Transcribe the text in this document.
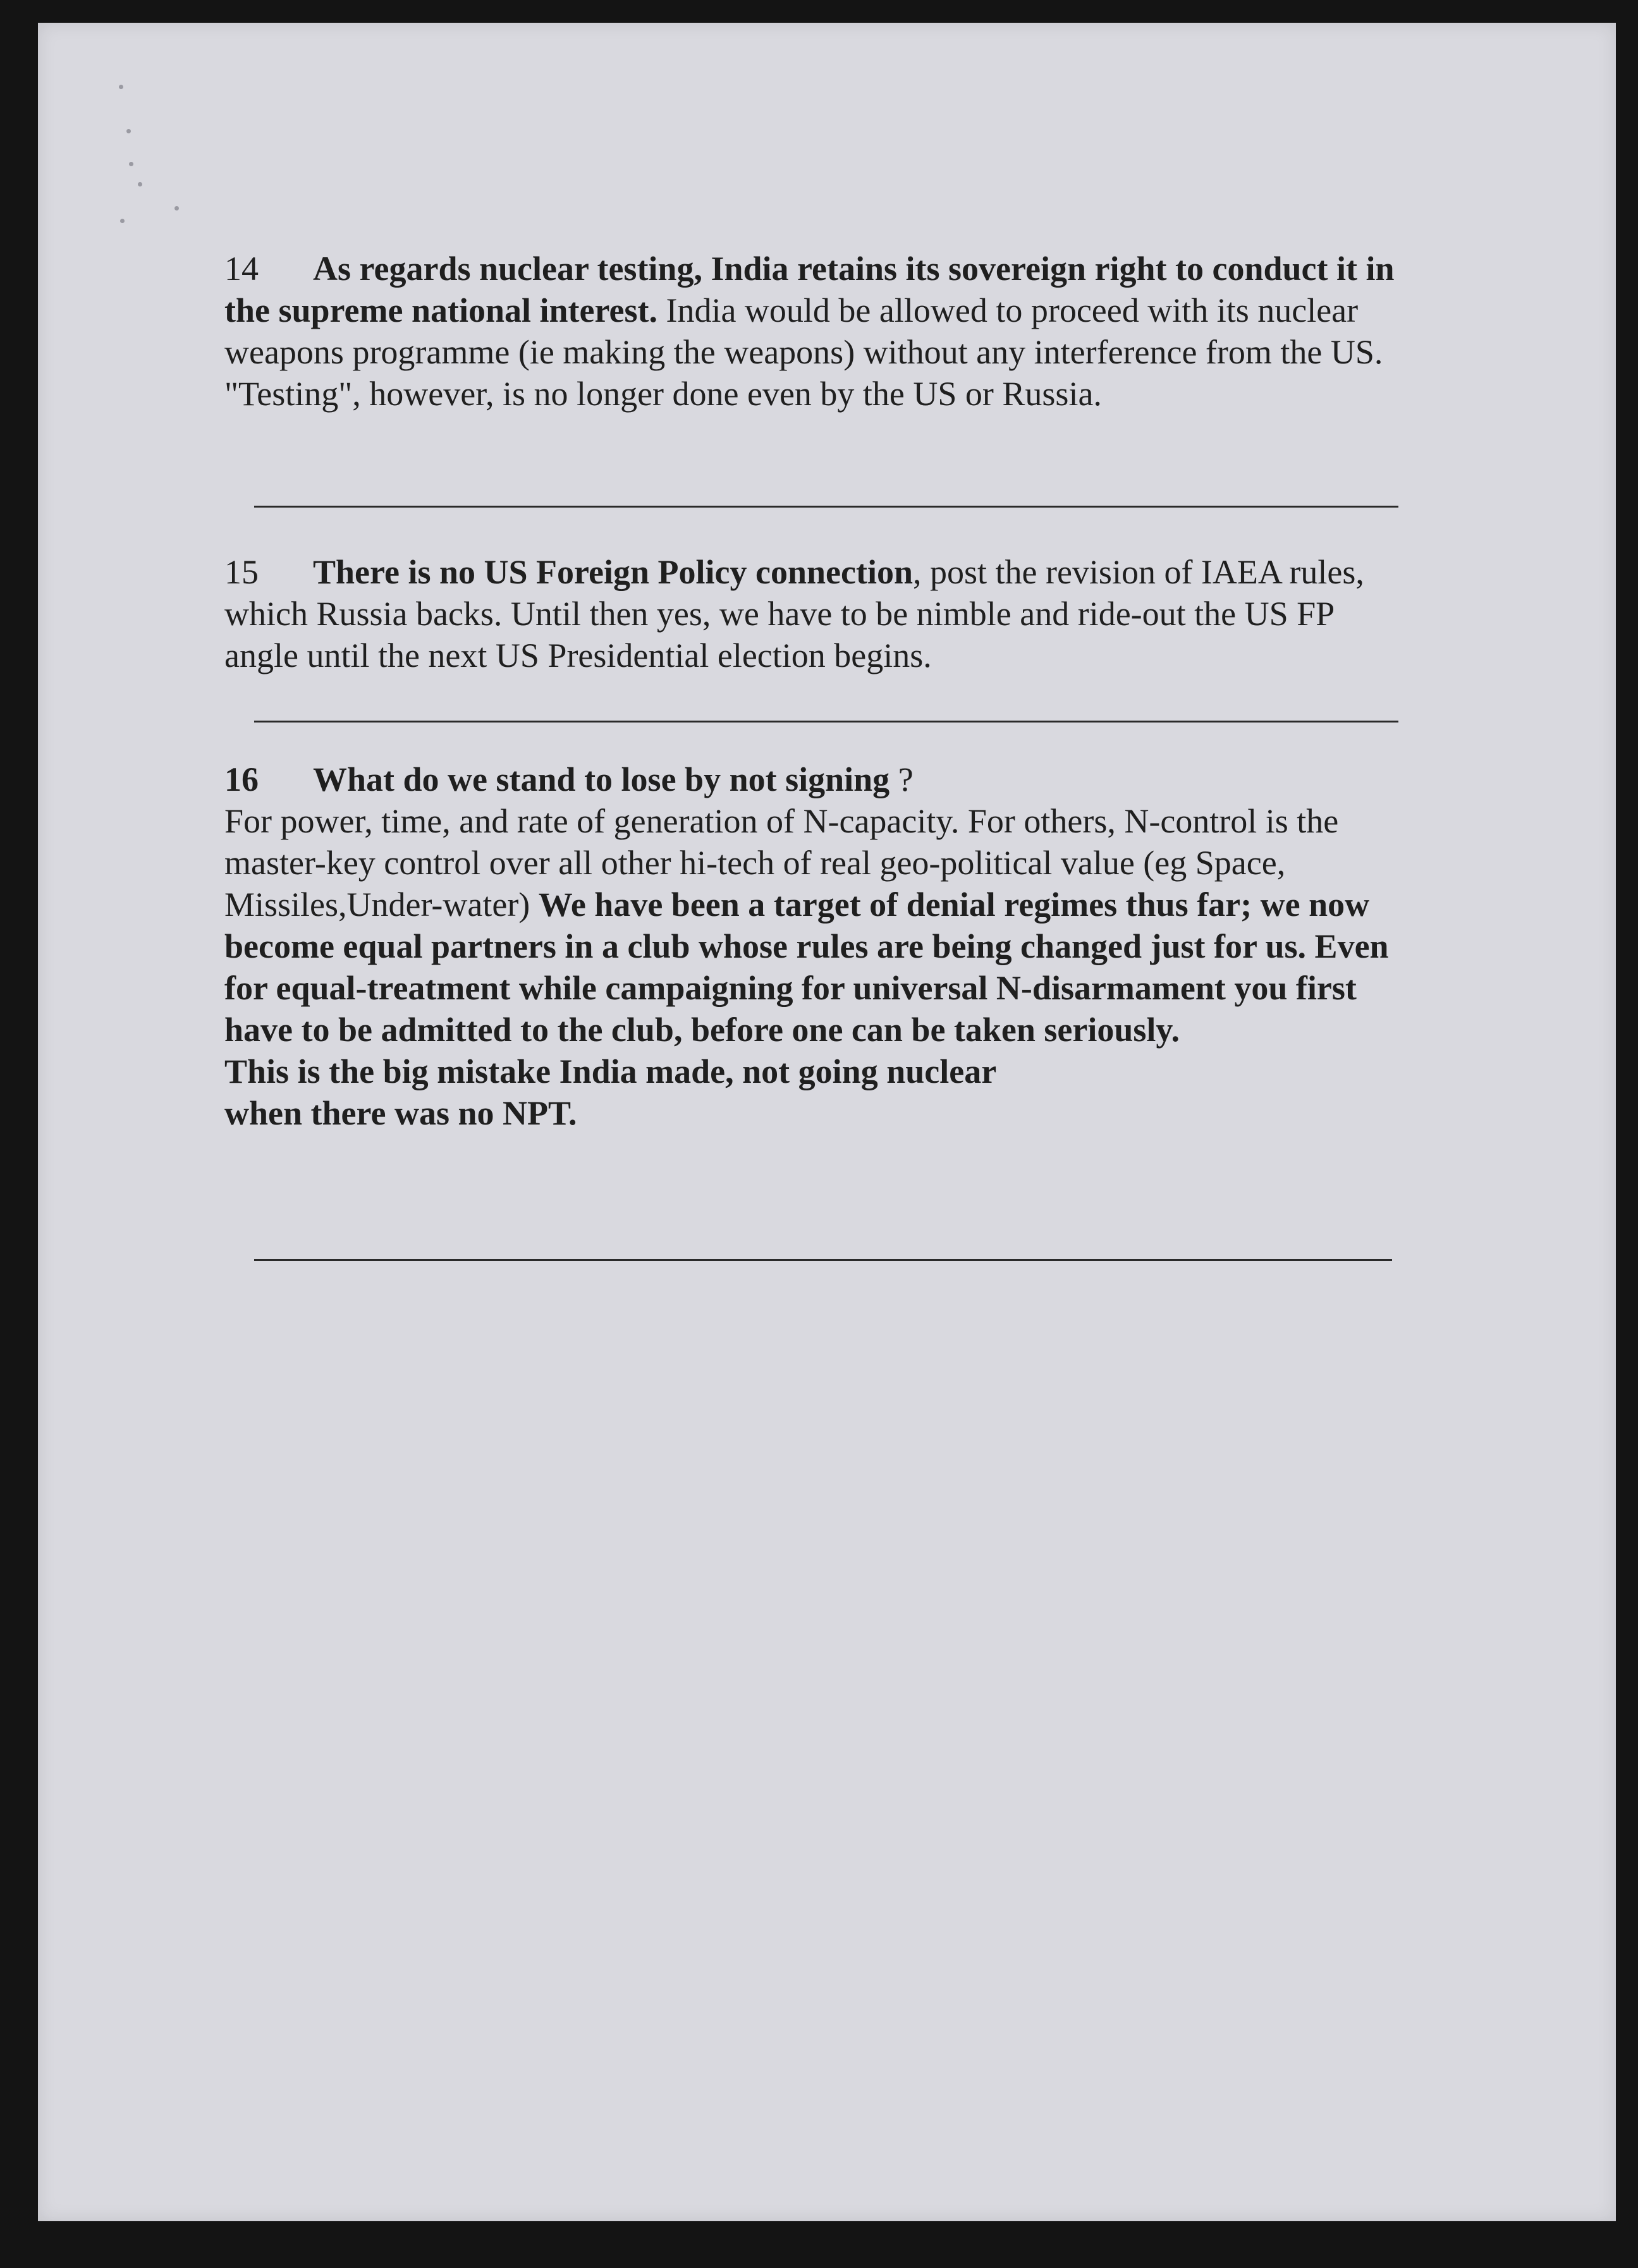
14 As regards nuclear testing, India retains its sovereign right to conduct it in the supreme national interest. India would be allowed to proceed with its nuclear weapons programme (ie making the weapons) without any interference from the US. "Testing", however, is no longer done even by the US or Russia.
15 There is no US Foreign Policy connection, post the revision of IAEA rules, which Russia backs. Until then yes, we have to be nimble and ride-out the US FP angle until the next US Presidential election begins.
16 What do we stand to lose by not signing ?
For power, time, and rate of generation of N-capacity. For others, N-control is the master-key control over all other hi-tech of real geo-political value (eg Space, Missiles,Under-water) We have been a target of denial regimes thus far; we now become equal partners in a club whose rules are being changed just for us. Even for equal-treatment while campaigning for universal N-disarmament you first have to be admitted to the club, before one can be taken seriously.
This is the big mistake India made, not going nuclear
when there was no NPT.
